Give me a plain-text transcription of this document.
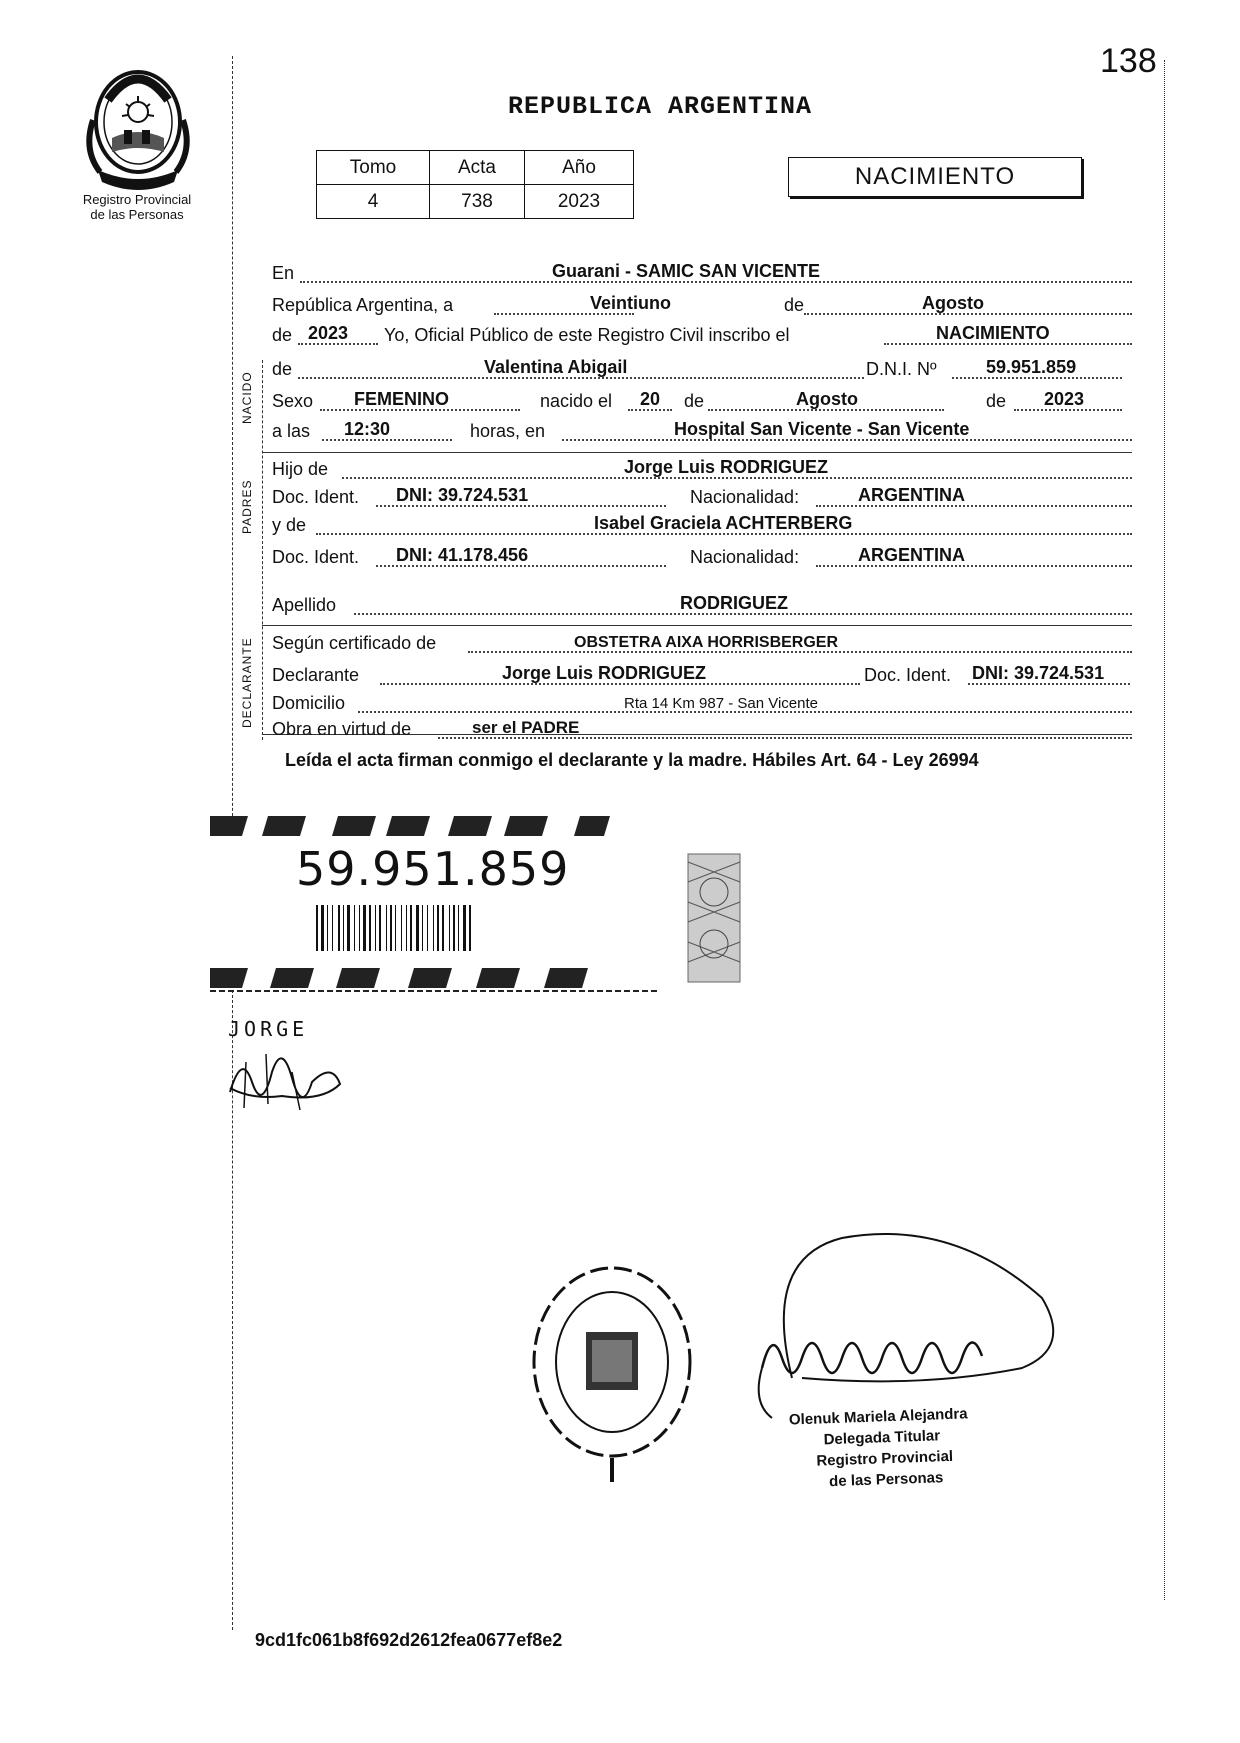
138
REPUBLICA ARGENTINA
Registro Provincial
de las Personas
Tomo	Acta	Año
4	738	2023
NACIMIENTO
NACIDO
PADRES
DECLARANTE
En	Guarani - SAMIC SAN VICENTE
República Argentina, a	Veintiuno	de	Agosto
de 2023 Yo, Oficial Público de este Registro Civil inscribo el	NACIMIENTO
de	Valentina Abigail	D.N.I. Nº	59.951.859
Sexo FEMENINO	nacido el 20 de	Agosto	de 2023
a las 12:30	horas, en	Hospital San Vicente - San Vicente
Hijo de	Jorge Luis RODRIGUEZ
Doc. Ident. DNI: 39.724.531	Nacionalidad:	ARGENTINA
y de	Isabel Graciela ACHTERBERG
Doc. Ident. DNI: 41.178.456	Nacionalidad:	ARGENTINA
Apellido	RODRIGUEZ
Según certificado de	OBSTETRA AIXA HORRISBERGER
Declarante	Jorge Luis RODRIGUEZ	Doc. Ident. DNI: 39.724.531
Domicilio	Rta 14 Km 987 - San Vicente
Obra en virtud de	ser el PADRE
Leída el acta firman conmigo el declarante y la madre. Hábiles Art. 64 - Ley 26994
59.951.859
JORGE
Olenuk Mariela Alejandra
Delegada Titular
Registro Provincial
de las Personas
9cd1fc061b8f692d2612fea0677ef8e2
